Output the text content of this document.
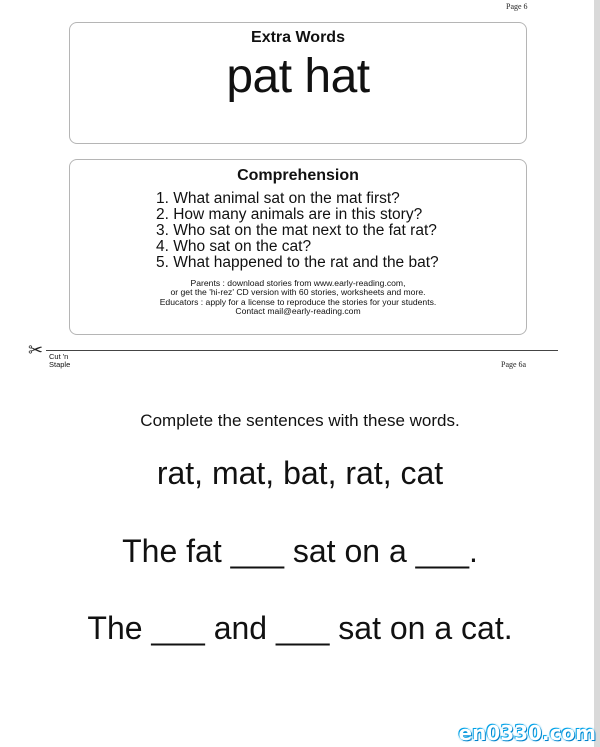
Page 6
Extra Words
pat hat
Comprehension
1. What animal sat on the mat first?
2. How many animals are in this story?
3. Who sat on the mat next to the fat rat?
4. Who sat on the cat?
5. What happened to the rat and the bat?
Parents : download stories from www.early-reading.com,
or get the 'hi-rez' CD version with 60 stories, worksheets and more.
Educators : apply for a license to reproduce the stories for your students.
Contact mail@early-reading.com
✂ Cut 'n
Staple	Page 6a
Complete the sentences with these words.
rat, mat, bat, rat, cat
The fat ___ sat on a ___.
The ___ and ___ sat on a cat.
en0330.com
